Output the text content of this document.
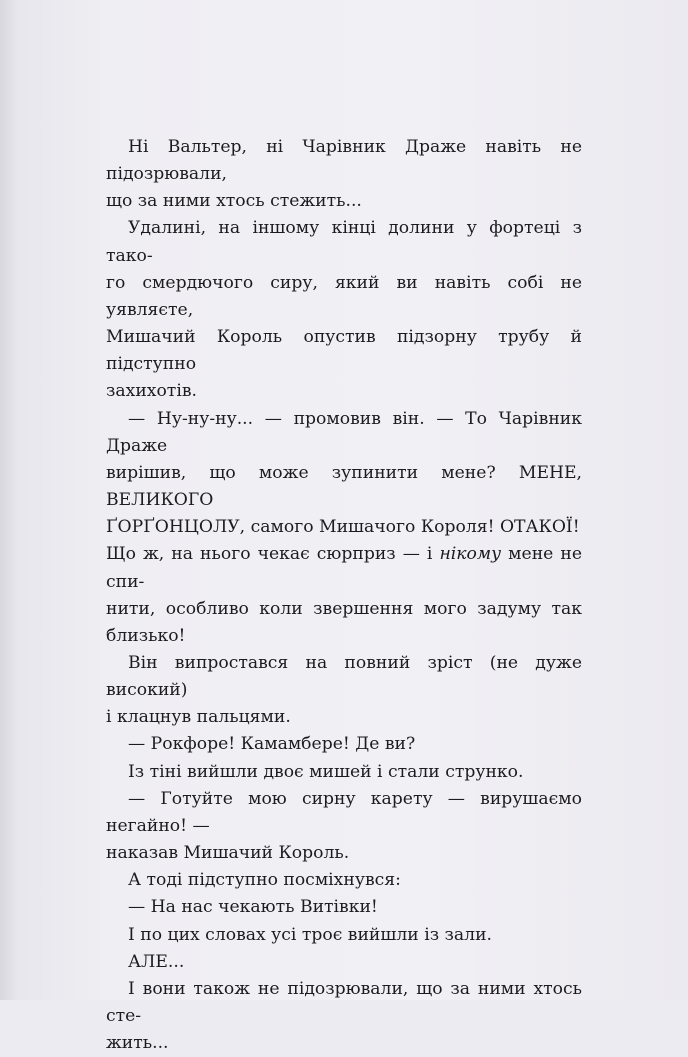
Ні Вальтер, ні Чарівник Драже навіть не підозрювали,
що за ними хтось стежить...

Удалині, на іншому кінці долини у фортеці з тако-
го смердючого сиру, який ви навіть собі не уявляєте,
Мишачий Король опустив підзорну трубу й підступно
захихотів.

— Ну-ну-ну... — промовив він. — То Чарівник Драже
вирішив, що може зупинити мене? МЕНЕ, ВЕЛИКОГО
ҐОРҐОНЦОЛУ, самого Мишачого Короля! ОТАКОЇ!
Що ж, на нього чекає сюрприз — і нікому мене не спи-
нити, особливо коли звершення мого задуму так близько!

Він випростався на повний зріст (не дуже високий)
і клацнув пальцями.

— Рокфоре! Камамбере! Де ви?

Із тіні вийшли двоє мишей і стали струнко.

— Готуйте мою сирну карету — вирушаємо негайно! —
наказав Мишачий Король.

А тоді підступно посміхнувся:

— На нас чекають Витівки!

І по цих словах усі троє вийшли із зали.

АЛЕ...

І вони також не підозрювали, що за ними хтось сте-
жить...
